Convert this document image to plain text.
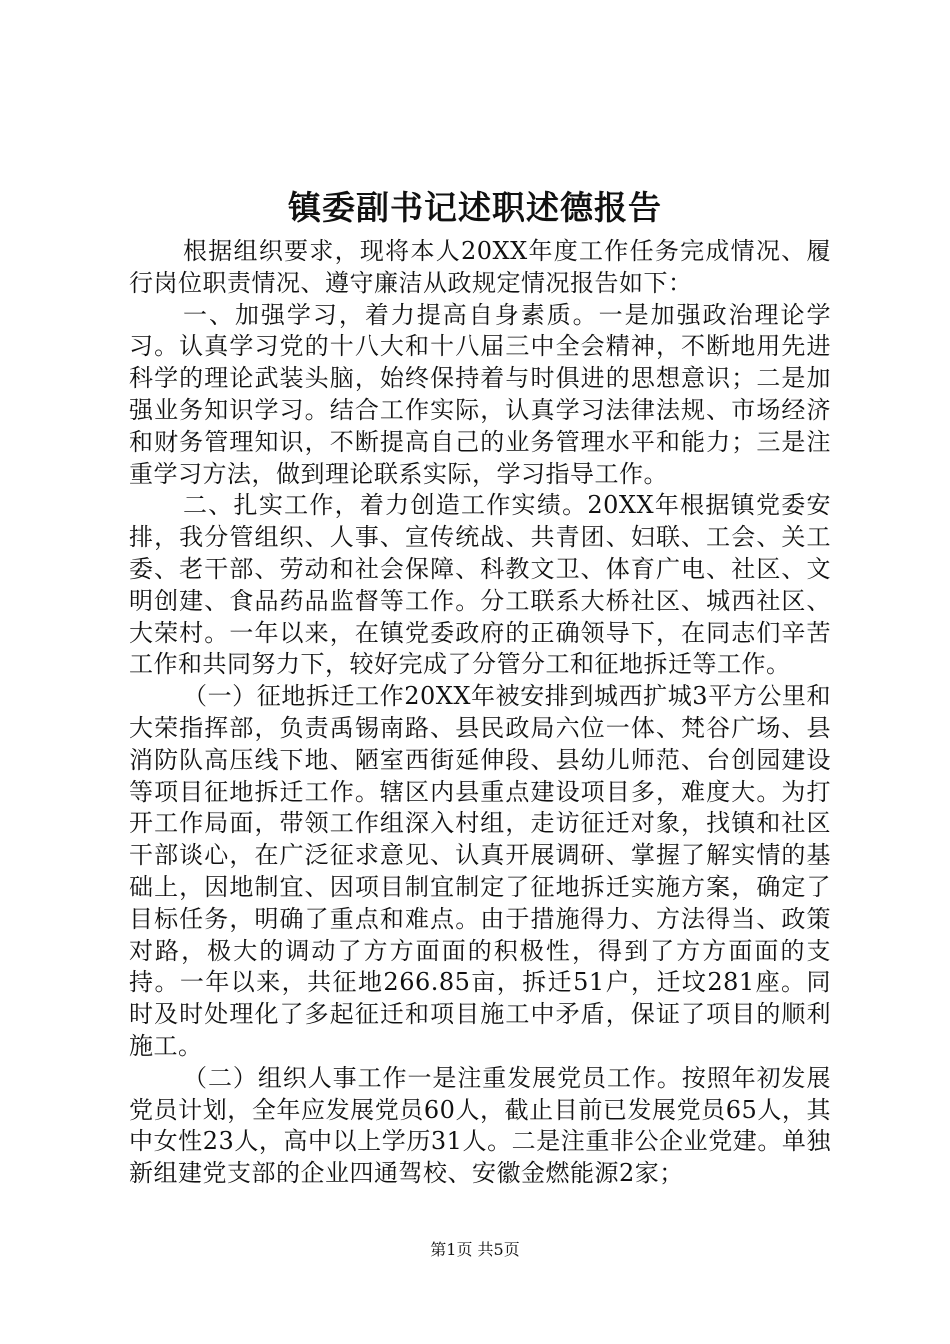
镇委副书记述职述德报告

根据组织要求，现将本人20XX年度工作任务完成情况、履行岗位职责情况、遵守廉洁从政规定情况报告如下：

一、加强学习，着力提高自身素质。一是加强政治理论学习。认真学习党的十八大和十八届三中全会精神，不断地用先进科学的理论武装头脑，始终保持着与时俱进的思想意识；二是加强业务知识学习。结合工作实际，认真学习法律法规、市场经济和财务管理知识，不断提高自己的业务管理水平和能力；三是注重学习方法，做到理论联系实际，学习指导工作。

二、扎实工作，着力创造工作实绩。20XX年根据镇党委安排，我分管组织、人事、宣传统战、共青团、妇联、工会、关工委、老干部、劳动和社会保障、科教文卫、体育广电、社区、文明创建、食品药品监督等工作。分工联系大桥社区、城西社区、大荣村。一年以来，在镇党委政府的正确领导下，在同志们辛苦工作和共同努力下，较好完成了分管分工和征地拆迁等工作。

（一）征地拆迁工作20XX年被安排到城西扩城3平方公里和大荣指挥部，负责禹锡南路、县民政局六位一体、梵谷广场、县消防队高压线下地、陋室西街延伸段、县幼儿师范、台创园建设等项目征地拆迁工作。辖区内县重点建设项目多，难度大。为打开工作局面，带领工作组深入村组，走访征迁对象，找镇和社区干部谈心，在广泛征求意见、认真开展调研、掌握了解实情的基础上，因地制宜、因项目制宜制定了征地拆迁实施方案，确定了目标任务，明确了重点和难点。由于措施得力、方法得当、政策对路，极大的调动了方方面面的积极性，得到了方方面面的支持。一年以来，共征地266.85亩，拆迁51户，迁坟281座。同时及时处理化了多起征迁和项目施工中矛盾，保证了项目的顺利施工。

（二）组织人事工作一是注重发展党员工作。按照年初发展党员计划，全年应发展党员60人，截止目前已发展党员65人，其中女性23人，高中以上学历31人。二是注重非公企业党建。单独新组建党支部的企业四通驾校、安徽金燃能源2家；

第1页 共5页
